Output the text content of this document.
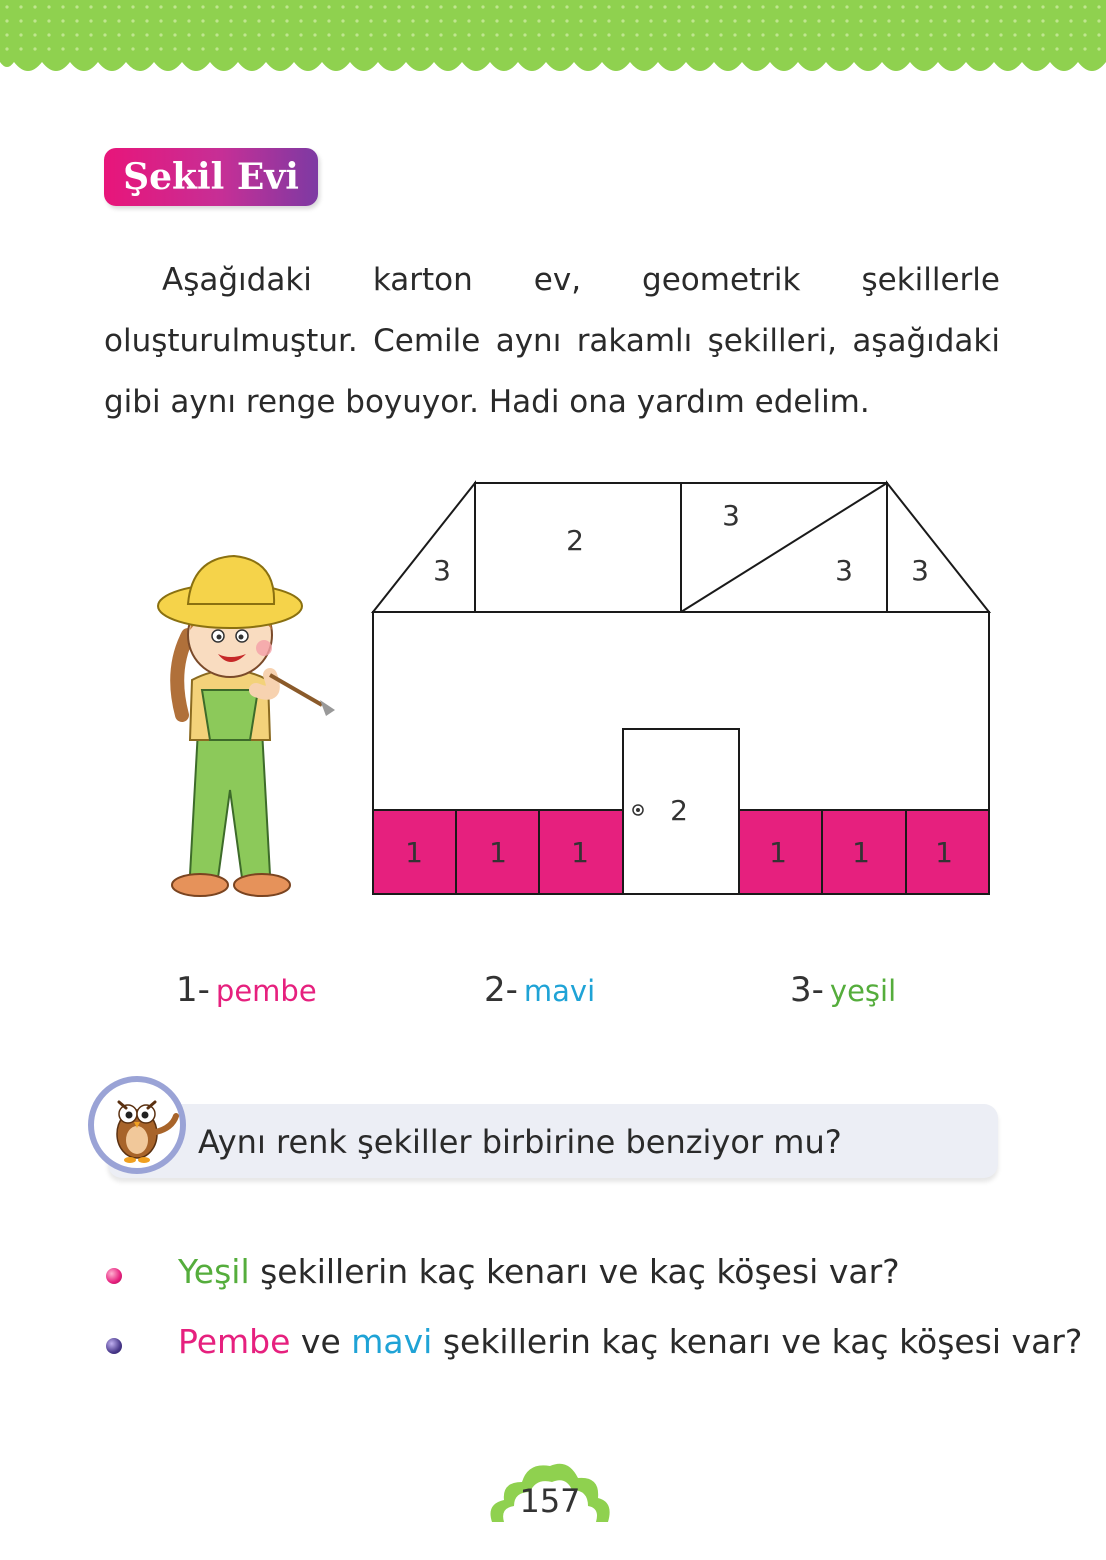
Şekil Evi

Aşağıdaki karton ev, geometrik şekillerle oluşturulmuştur. Cemile aynı rakamlı şekilleri, aşağıdaki gibi aynı renge boyuyor. Hadi ona yardım edelim.

3
2
3
3 3
2
1 1 1	1 1 1
1- pembe	2- mavi	3- yeşil
Aynı renk şekiller birbirine benziyor mu?
Yeşil şekillerin kaç kenarı ve kaç köşesi var?
Pembe ve mavi şekillerin kaç kenarı ve kaç köşesi var?
157
